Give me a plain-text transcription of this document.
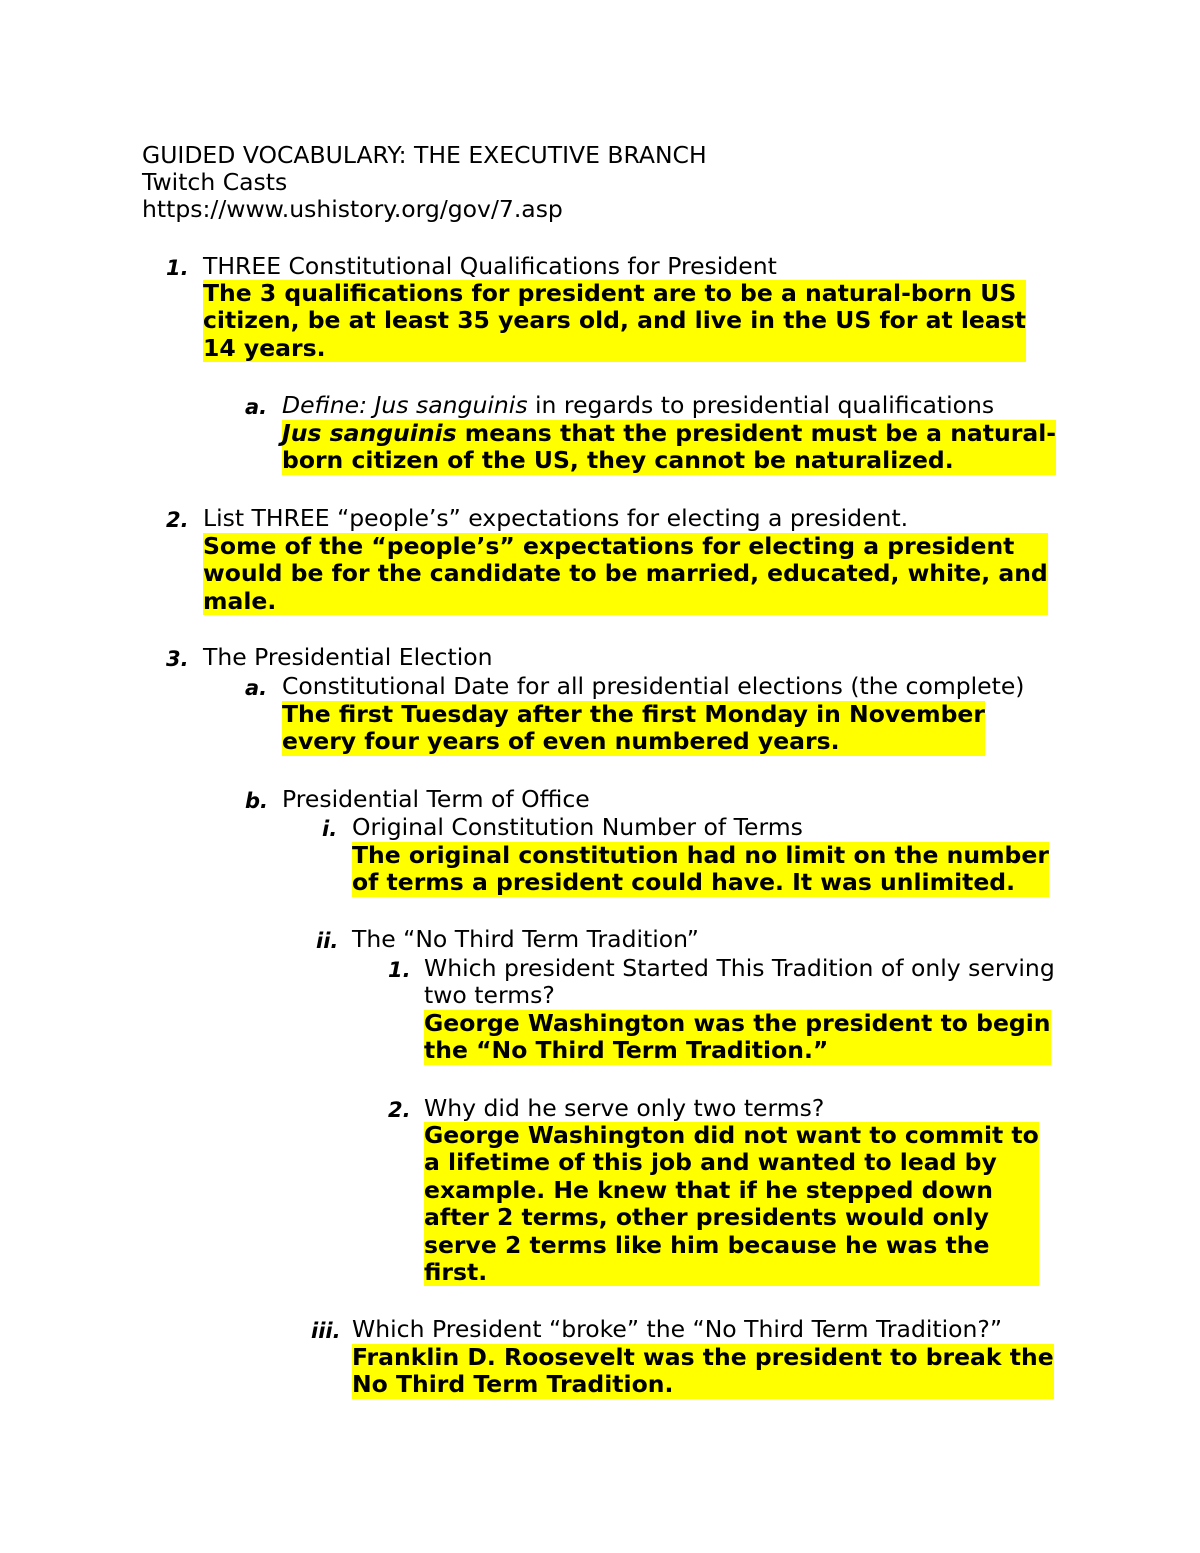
GUIDED VOCABULARY: THE EXECUTIVE BRANCH
Twitch Casts
https://www.ushistory.org/gov/7.asp
1. THREE Constitutional Qualifications for President
The 3 qualifications for president are to be a natural-born US
citizen, be at least 35 years old, and live in the US for at least
14 years.
a. Define: Jus sanguinis in regards to presidential qualifications
Jus sanguinis means that the president must be a natural-
born citizen of the US, they cannot be naturalized.
2. List THREE “people’s” expectations for electing a president.
Some of the “people’s” expectations for electing a president
would be for the candidate to be married, educated, white, and
male.
3. The Presidential Election
a. Constitutional Date for all presidential elections (the complete)
The first Tuesday after the first Monday in November
every four years of even numbered years.
b. Presidential Term of Office
i. Original Constitution Number of Terms
The original constitution had no limit on the number
of terms a president could have. It was unlimited.
ii. The “No Third Term Tradition”
1. Which president Started This Tradition of only serving
two terms?
George Washington was the president to begin
the “No Third Term Tradition.”
2. Why did he serve only two terms?
George Washington did not want to commit to
a lifetime of this job and wanted to lead by
example. He knew that if he stepped down
after 2 terms, other presidents would only
serve 2 terms like him because he was the
first.
iii. Which President “broke” the “No Third Term Tradition?”
Franklin D. Roosevelt was the president to break the
No Third Term Tradition.
